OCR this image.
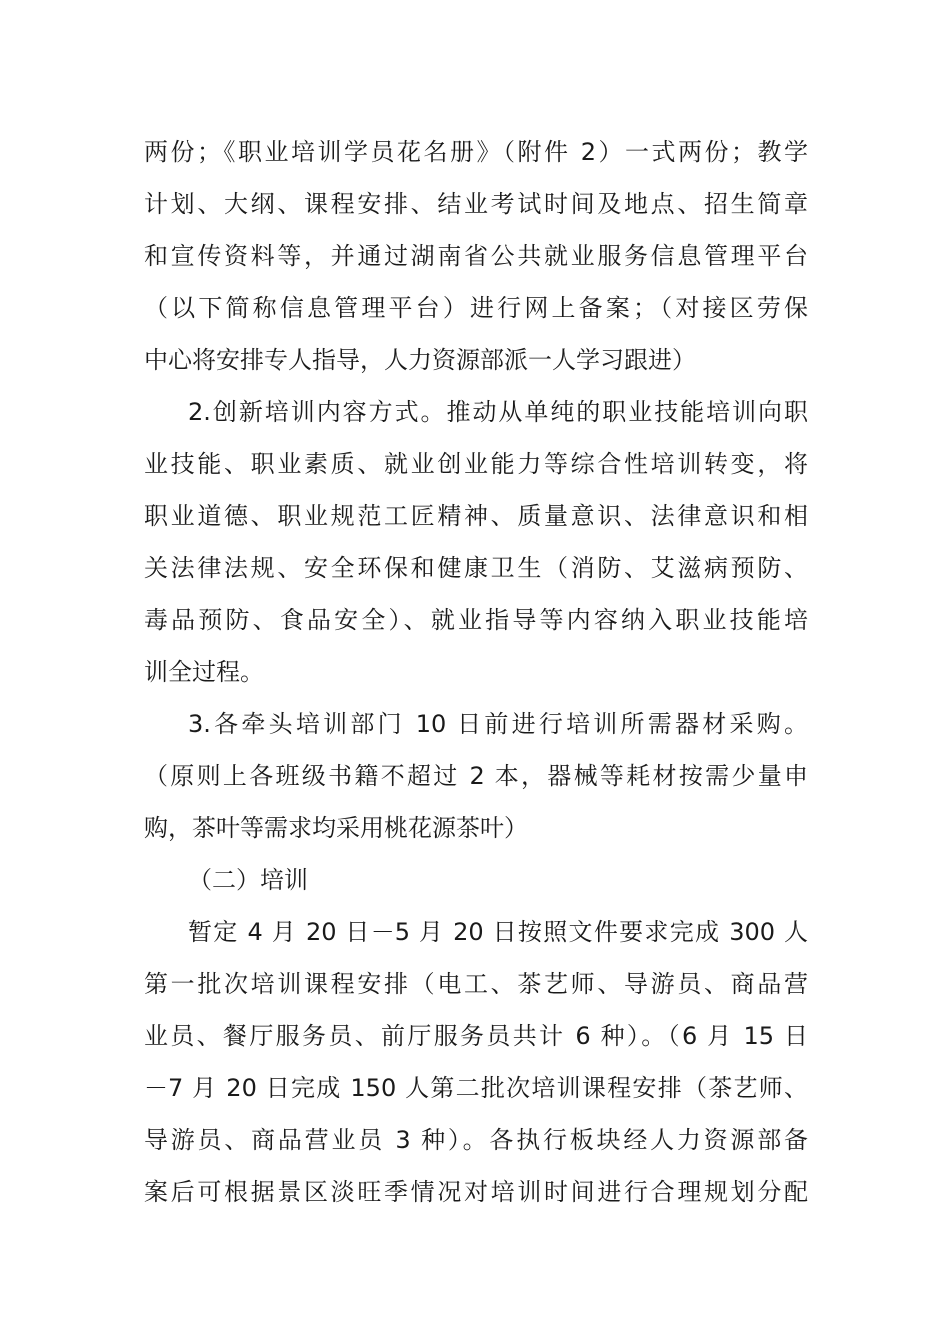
两份；《职业培训学员花名册》（附件 2）一式两份；教学
计划、大纲、课程安排、结业考试时间及地点、招生简章
和宣传资料等，并通过湖南省公共就业服务信息管理平台
（以下简称信息管理平台）进行网上备案；（对接区劳保
中心将安排专人指导，人力资源部派一人学习跟进）
2.创新培训内容方式。推动从单纯的职业技能培训向职
业技能、职业素质、就业创业能力等综合性培训转变，将
职业道德、职业规范工匠精神、质量意识、法律意识和相
关法律法规、安全环保和健康卫生（消防、艾滋病预防、
毒品预防、食品安全）、就业指导等内容纳入职业技能培
训全过程。
3.各牵头培训部门 10 日前进行培训所需器材采购。
（原则上各班级书籍不超过 2 本，器械等耗材按需少量申
购，茶叶等需求均采用桃花源茶叶）
（二）培训
暂定 4 月 20 日－5 月 20 日按照文件要求完成 300 人
第一批次培训课程安排（电工、茶艺师、导游员、商品营
业员、餐厅服务员、前厅服务员共计 6 种）。（6 月 15 日
－7 月 20 日完成 150 人第二批次培训课程安排（茶艺师、
导游员、商品营业员 3 种）。各执行板块经人力资源部备
案后可根据景区淡旺季情况对培训时间进行合理规划分配
